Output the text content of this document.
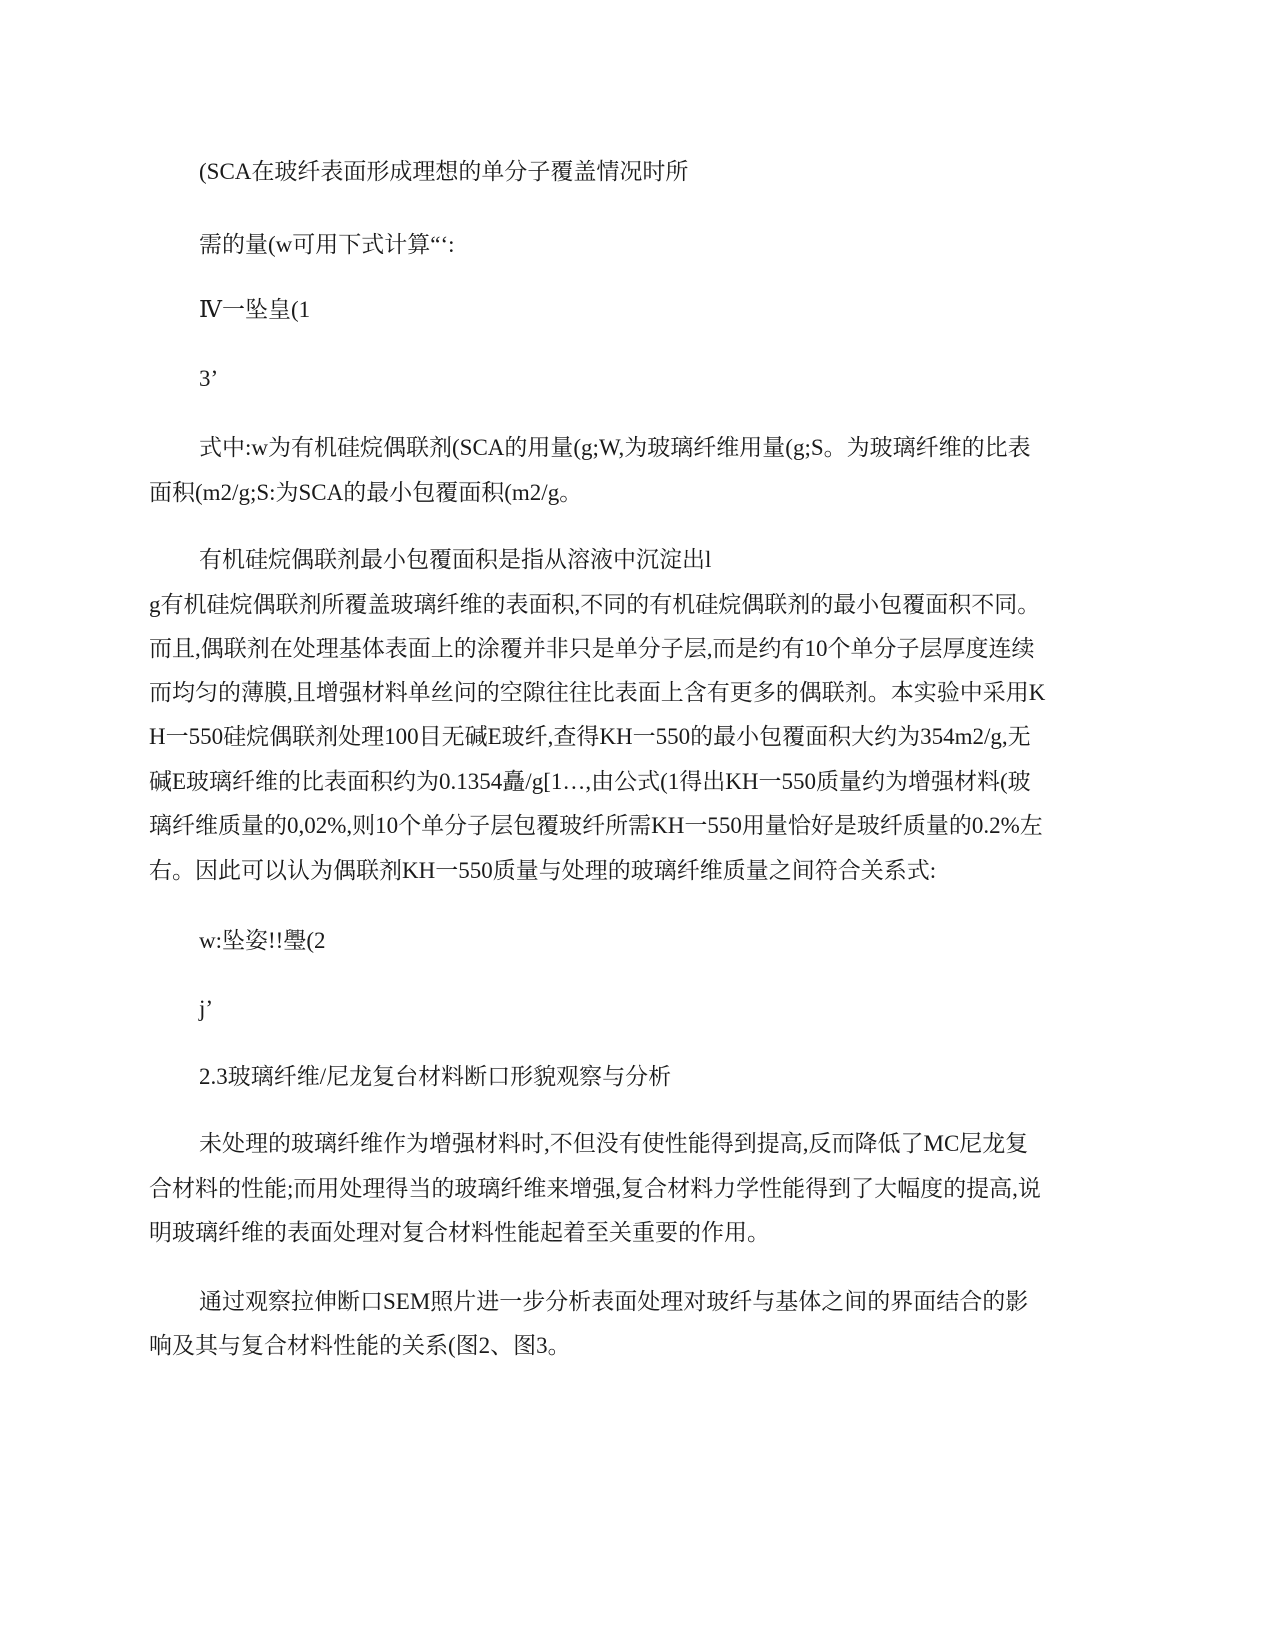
(SCA在玻纤表面形成理想的单分子覆盖情况时所

需的量(w可用下式计算“‘:

Ⅳ一坠皇(1

3’

式中:w为有机硅烷偶联剂(SCA的用量(g;W,为玻璃纤维用量(g;S。为玻璃纤维的比表

面积(m2/g;S:为SCA的最小包覆面积(m2/g。

有机硅烷偶联剂最小包覆面积是指从溶液中沉淀出l

g有机硅烷偶联剂所覆盖玻璃纤维的表面积,不同的有机硅烷偶联剂的最小包覆面积不同。

而且,偶联剂在处理基体表面上的涂覆并非只是单分子层,而是约有10个单分子层厚度连续

而均匀的薄膜,且增强材料单丝问的空隙往往比表面上含有更多的偶联剂。本实验中采用K

H一550硅烷偶联剂处理100目无碱E玻纤,查得KH一550的最小包覆面积大约为354m2/g,无

碱E玻璃纤维的比表面积约为0.1354矗/g[1…,由公式(1得出KH一550质量约为增强材料(玻

璃纤维质量的0,02%,则10个单分子层包覆玻纤所需KH一550用量恰好是玻纤质量的0.2%左

右。因此可以认为偶联剂KH一550质量与处理的玻璃纤维质量之间符合关系式:

w:坠姿!!璺(2

j’

2.3玻璃纤维/尼龙复台材料断口形貌观察与分析

未处理的玻璃纤维作为增强材料时,不但没有使性能得到提高,反而降低了MC尼龙复

合材料的性能;而用处理得当的玻璃纤维来增强,复合材料力学性能得到了大幅度的提高,说

明玻璃纤维的表面处理对复合材料性能起着至关重要的作用。

通过观察拉伸断口SEM照片进一步分析表面处理对玻纤与基体之间的界面结合的影

响及其与复合材料性能的关系(图2、图3。
